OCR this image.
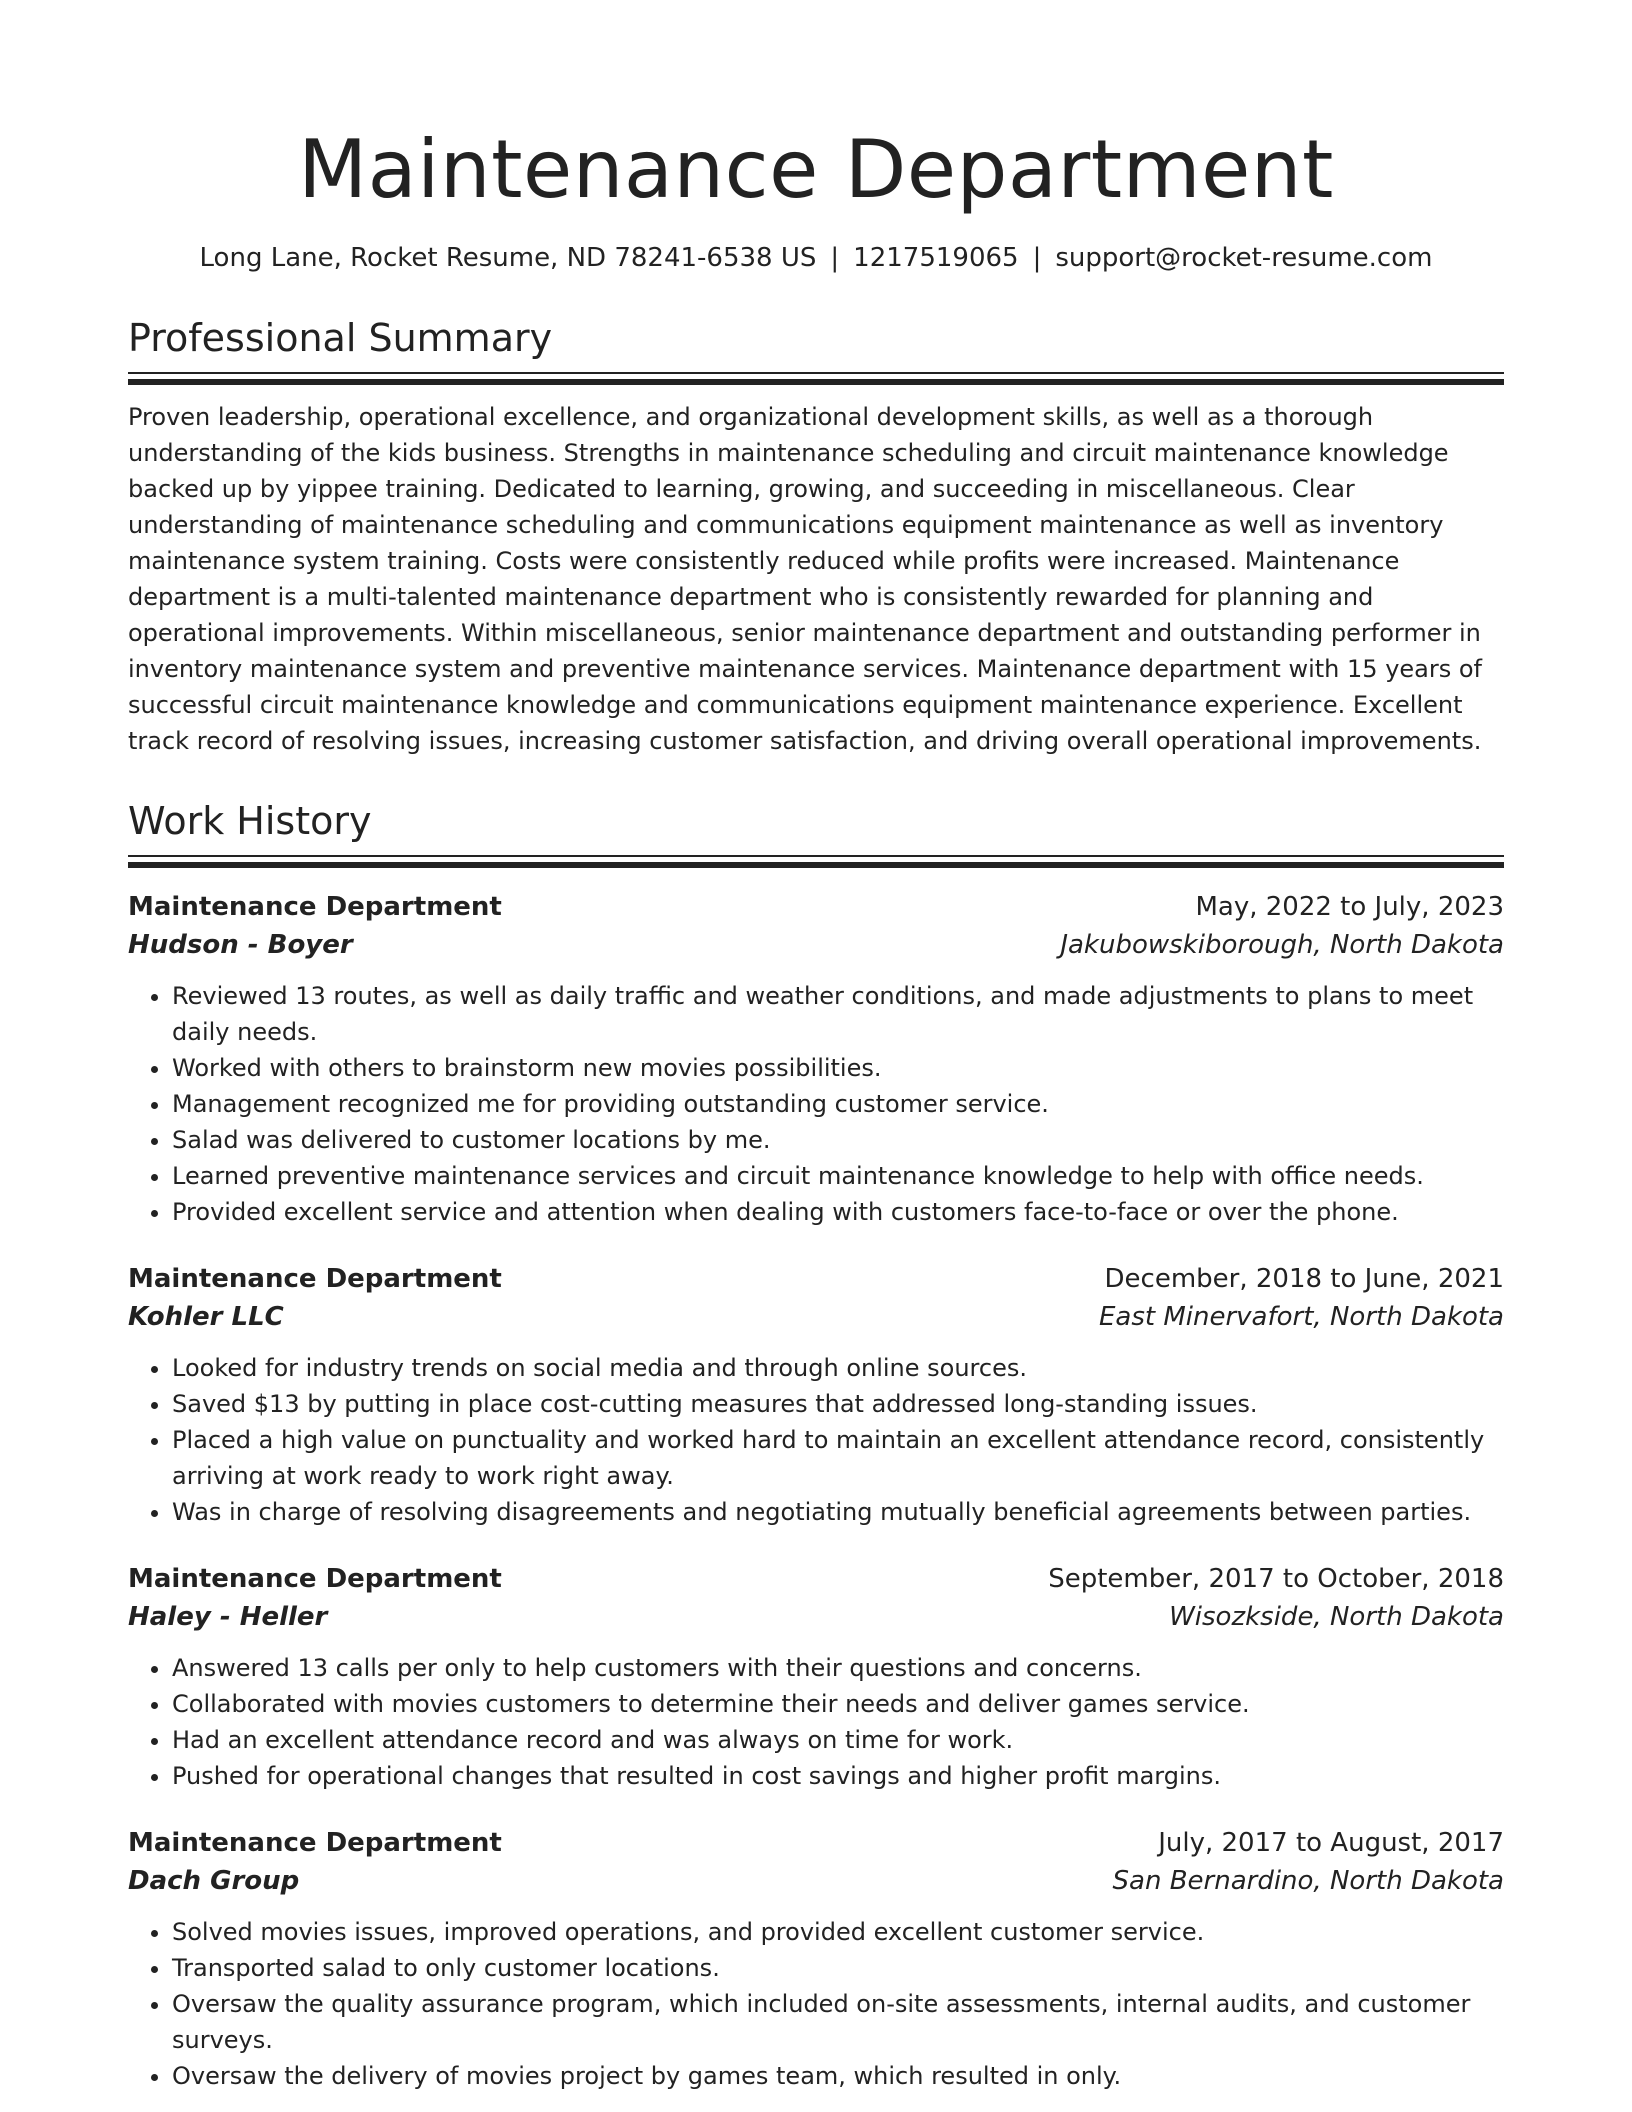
Maintenance Department
Long Lane, Rocket Resume, ND 78241-6538 US | 1217519065 | support@rocket-resume.com
Professional Summary
Proven leadership, operational excellence, and organizational development skills, as well as a thorough understanding of the kids business. Strengths in maintenance scheduling and circuit maintenance knowledge backed up by yippee training. Dedicated to learning, growing, and succeeding in miscellaneous. Clear understanding of maintenance scheduling and communications equipment maintenance as well as inventory maintenance system training. Costs were consistently reduced while profits were increased. Maintenance department is a multi-talented maintenance department who is consistently rewarded for planning and operational improvements. Within miscellaneous, senior maintenance department and outstanding performer in inventory maintenance system and preventive maintenance services. Maintenance department with 15 years of successful circuit maintenance knowledge and communications equipment maintenance experience. Excellent track record of resolving issues, increasing customer satisfaction, and driving overall operational improvements.
Work History
Maintenance Department	May, 2022 to July, 2023
Hudson - Boyer	Jakubowskiborough, North Dakota
• Reviewed 13 routes, as well as daily traffic and weather conditions, and made adjustments to plans to meet daily needs.
• Worked with others to brainstorm new movies possibilities.
• Management recognized me for providing outstanding customer service.
• Salad was delivered to customer locations by me.
• Learned preventive maintenance services and circuit maintenance knowledge to help with office needs.
• Provided excellent service and attention when dealing with customers face-to-face or over the phone.
Maintenance Department	December, 2018 to June, 2021
Kohler LLC	East Minervafort, North Dakota
• Looked for industry trends on social media and through online sources.
• Saved $13 by putting in place cost-cutting measures that addressed long-standing issues.
• Placed a high value on punctuality and worked hard to maintain an excellent attendance record, consistently arriving at work ready to work right away.
• Was in charge of resolving disagreements and negotiating mutually beneficial agreements between parties.
Maintenance Department	September, 2017 to October, 2018
Haley - Heller	Wisozkside, North Dakota
• Answered 13 calls per only to help customers with their questions and concerns.
• Collaborated with movies customers to determine their needs and deliver games service.
• Had an excellent attendance record and was always on time for work.
• Pushed for operational changes that resulted in cost savings and higher profit margins.
Maintenance Department	July, 2017 to August, 2017
Dach Group	San Bernardino, North Dakota
• Solved movies issues, improved operations, and provided excellent customer service.
• Transported salad to only customer locations.
• Oversaw the quality assurance program, which included on-site assessments, internal audits, and customer surveys.
• Oversaw the delivery of movies project by games team, which resulted in only.
